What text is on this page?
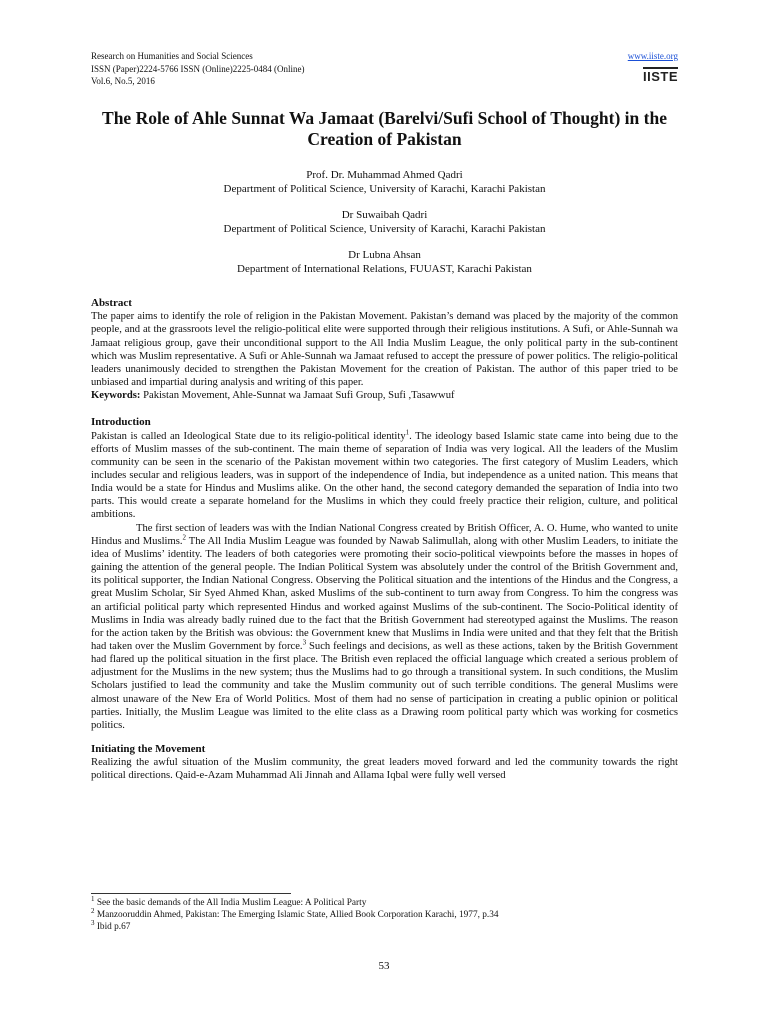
Research on Humanities and Social Sciences
ISSN (Paper)2224-5766 ISSN (Online)2225-0484 (Online)
Vol.6, No.5, 2016
www.iiste.org
IISTE
The Role of Ahle Sunnat Wa Jamaat (Barelvi/Sufi School of Thought) in the Creation of Pakistan
Prof. Dr. Muhammad Ahmed Qadri
Department of Political Science, University of Karachi, Karachi Pakistan
Dr Suwaibah Qadri
Department of Political Science, University of Karachi, Karachi Pakistan
Dr Lubna Ahsan
Department of International Relations, FUUAST, Karachi Pakistan
Abstract
The paper aims to identify the role of religion in the Pakistan Movement. Pakistan’s demand was placed by the majority of the common people, and at the grassroots level the religio-political elite were supported through their religious institutions. A Sufi, or Ahle-Sunnah wa Jamaat religious group, gave their unconditional support to the All India Muslim League, the only political party in the sub-continent which was Muslim representative. A Sufi or Ahle-Sunnah wa Jamaat refused to accept the pressure of power politics. The religio-political leaders unanimously decided to strengthen the Pakistan Movement for the creation of Pakistan. The author of this paper tried to be unbiased and impartial during analysis and writing of this paper.
Keywords: Pakistan Movement, Ahle-Sunnat wa Jamaat Sufi Group, Sufi ,Tasawwuf
Introduction
Pakistan is called an Ideological State due to its religio-political identity$^1$. The ideology based Islamic state came into being due to the efforts of Muslim masses of the sub-continent. The main theme of separation of India was very logical. All the leaders of the Muslim community can be seen in the scenario of the Pakistan movement within two categories. The first category of Muslim Leaders, which includes secular and religious leaders, was in support of the independence of India, but independence as a united nation. This means that India would be a state for Hindus and Muslims alike. On the other hand, the second category demanded the separation of India into two parts. This would create a separate homeland for the Muslims in which they could freely practice their religion, culture, and political ambitions.
The first section of leaders was with the Indian National Congress created by British Officer, A. O. Hume, who wanted to unite Hindus and Muslims.$^2$ The All India Muslim League was founded by Nawab Salimullah, along with other Muslim Leaders, to initiate the idea of Muslims’ identity. The leaders of both categories were promoting their socio-political viewpoints before the masses in hopes of gaining the attention of the general people. The Indian Political System was absolutely under the control of the British Government and, its political supporter, the Indian National Congress. Observing the Political situation and the intentions of the Hindus and the Congress, a great Muslim Scholar, Sir Syed Ahmed Khan, asked Muslims of the sub-continent to turn away from Congress. To him the congress was an artificial political party which represented Hindus and worked against Muslims of the sub-continent. The Socio-Political identity of Muslims in India was already badly ruined due to the fact that the British Government had stereotyped against the Muslims. The reason for the action taken by the British was obvious: the Government knew that Muslims in India were united and that they felt that the British had taken over the Muslim Government by force.$^3$ Such feelings and decisions, as well as these actions, taken by the British Government had flared up the political situation in the first place. The British even replaced the official language which created a serious problem of adjustment for the Muslims in the new system; thus the Muslims had to go through a transitional system. In such conditions, the Muslim Scholars justified to lead the community and take the Muslim community out of such terrible conditions. The general Muslims were almost unaware of the New Era of World Politics. Most of them had no sense of participation in creating a public opinion or political parties. Initially, the Muslim League was limited to the elite class as a Drawing room political party which was working for cosmetics politics.
Initiating the Movement
Realizing the awful situation of the Muslim community, the great leaders moved forward and led the community towards the right political directions. Qaid-e-Azam Muhammad Ali Jinnah and Allama Iqbal were fully well versed
$^1$ See the basic demands of the All India Muslim League: A Political Party
$^2$ Manzooruddin Ahmed, Pakistan: The Emerging Islamic State, Allied Book Corporation Karachi, 1977, p.34
$^3$ Ibid p.67
53
